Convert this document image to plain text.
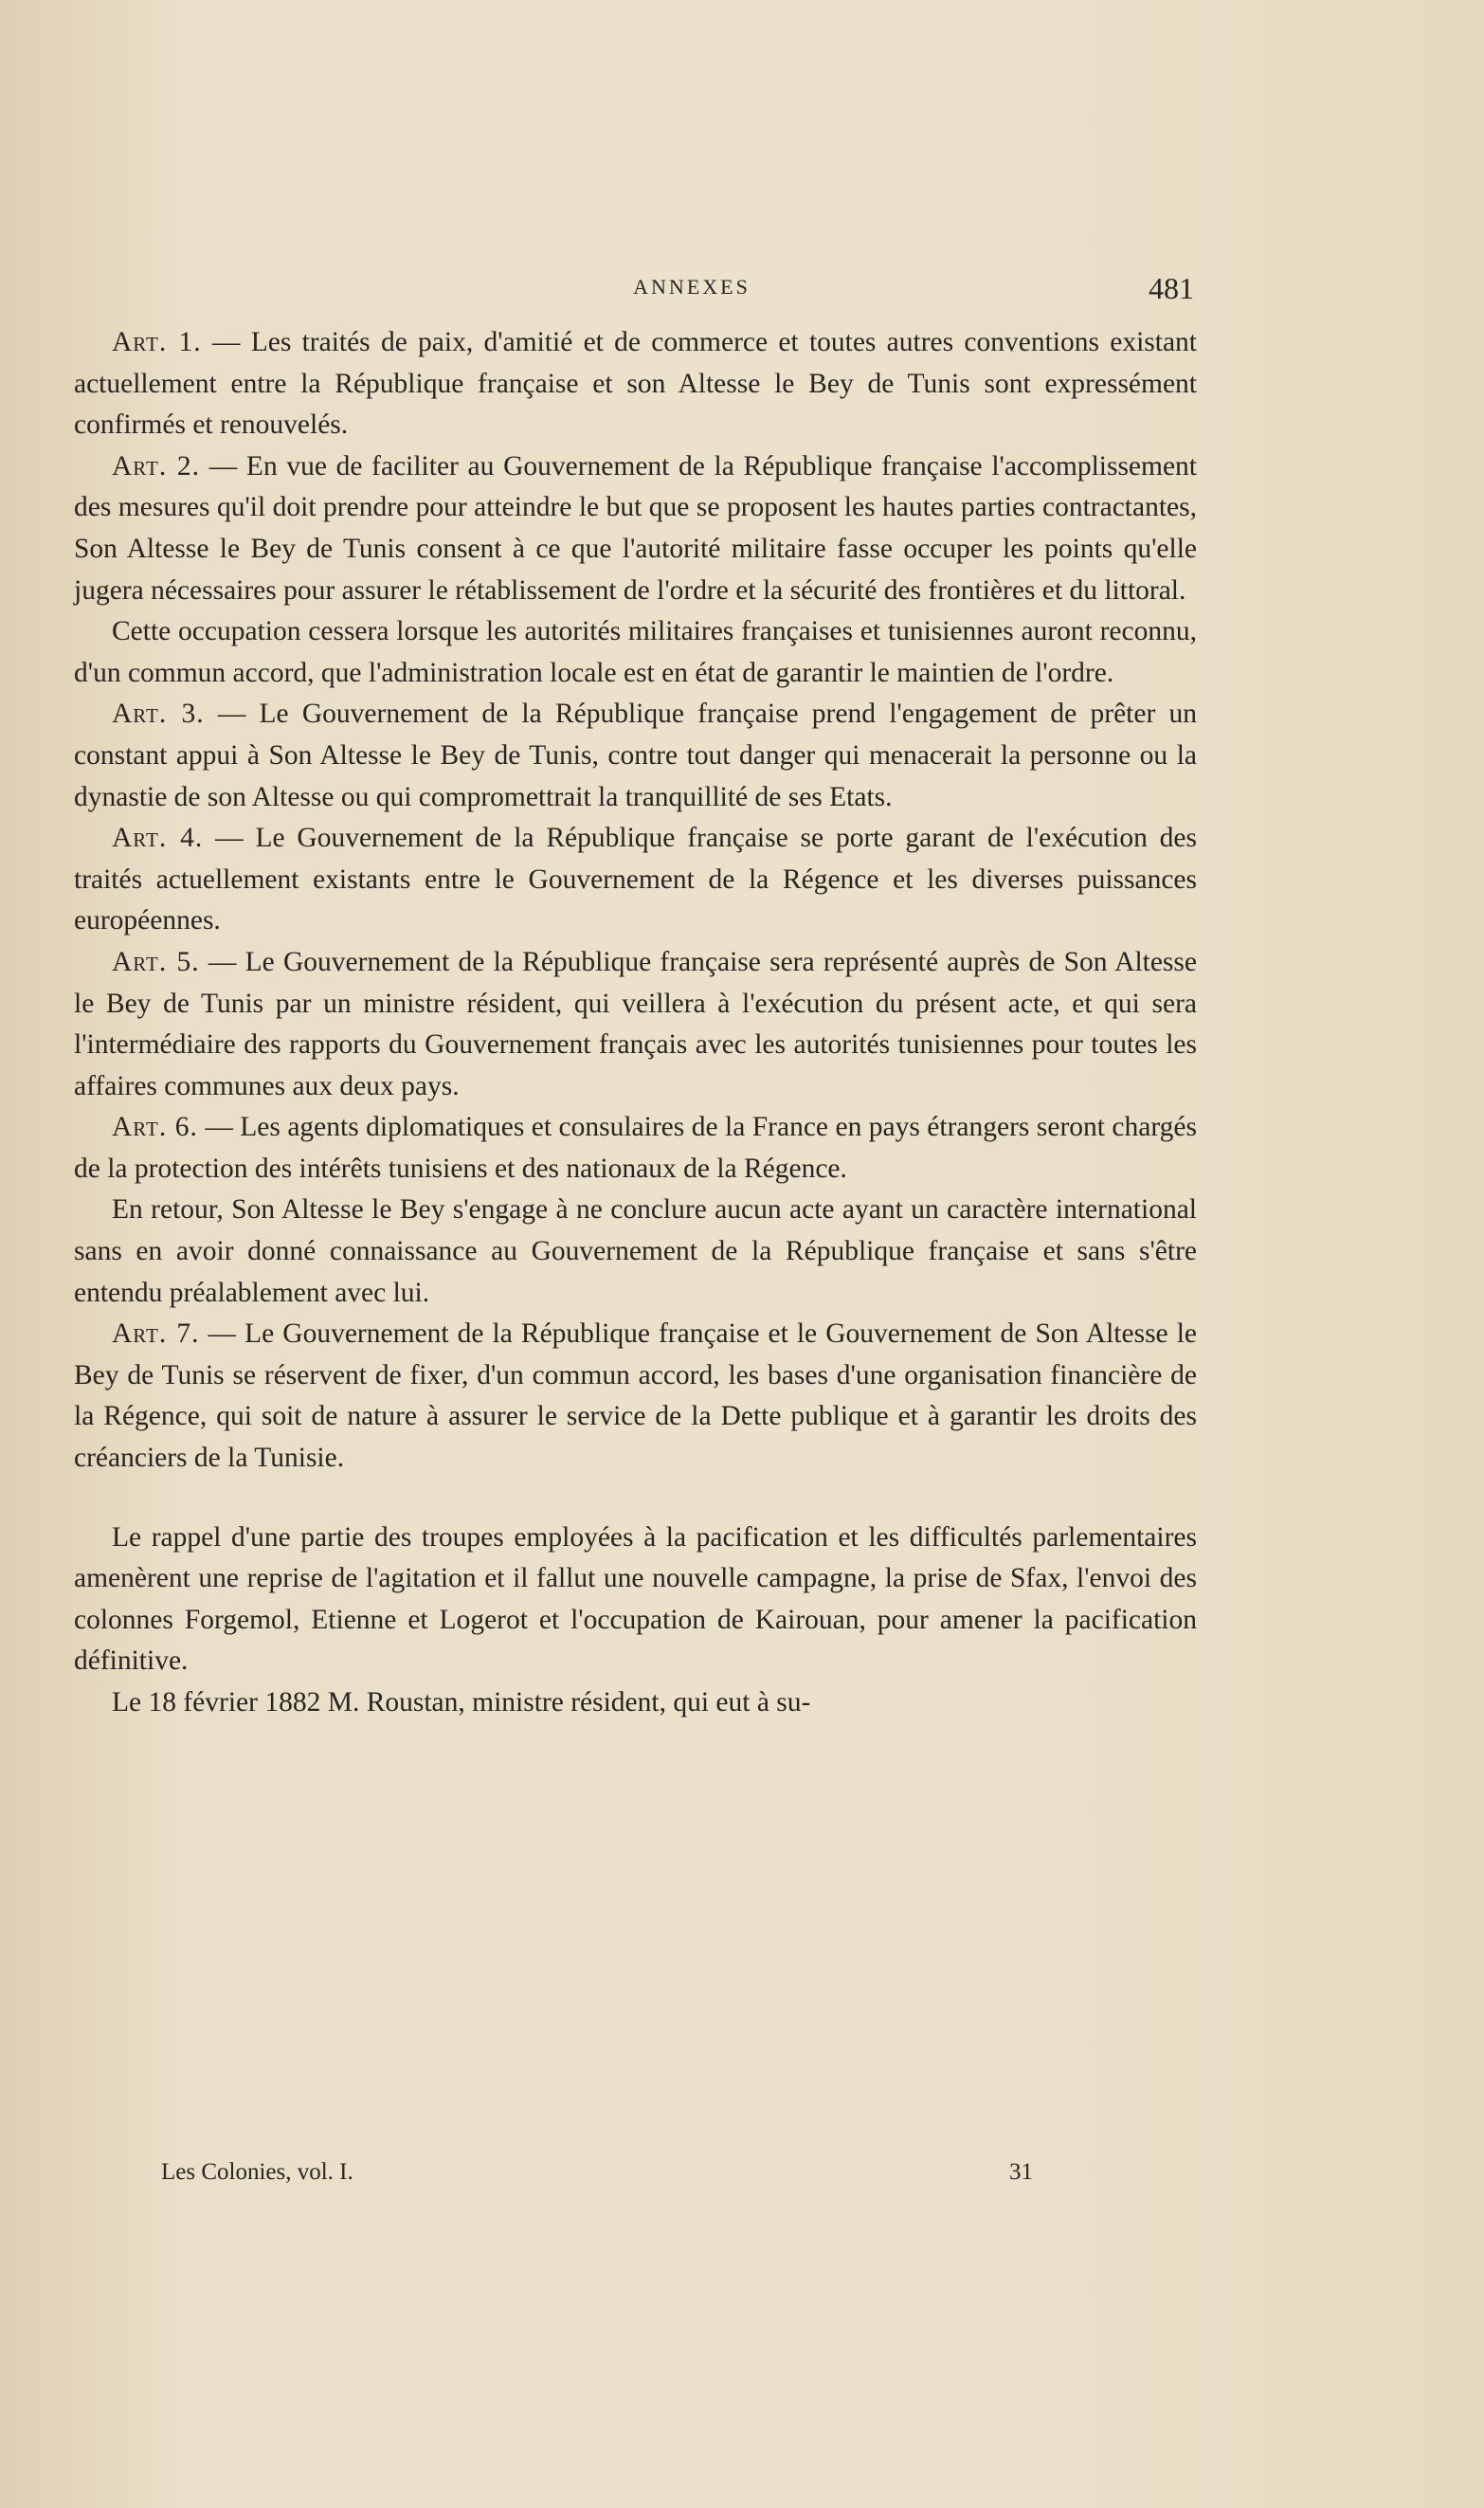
ANNEXES	481

Art. 1. — Les traités de paix, d'amitié et de commerce et toutes autres conventions existant actuellement entre la République française et son Altesse le Bey de Tunis sont expressément confirmés et renouvelés.

Art. 2. — En vue de faciliter au Gouvernement de la République française l'accomplissement des mesures qu'il doit prendre pour atteindre le but que se proposent les hautes parties contractantes, Son Altesse le Bey de Tunis consent à ce que l'autorité militaire fasse occuper les points qu'elle jugera nécessaires pour assurer le rétablissement de l'ordre et la sécurité des frontières et du littoral.

Cette occupation cessera lorsque les autorités militaires françaises et tunisiennes auront reconnu, d'un commun accord, que l'administration locale est en état de garantir le maintien de l'ordre.

Art. 3. — Le Gouvernement de la République française prend l'engagement de prêter un constant appui à Son Altesse le Bey de Tunis, contre tout danger qui menacerait la personne ou la dynastie de son Altesse ou qui compromettrait la tranquillité de ses Etats.

Art. 4. — Le Gouvernement de la République française se porte garant de l'exécution des traités actuellement existants entre le Gouvernement de la Régence et les diverses puissances européennes.

Art. 5. — Le Gouvernement de la République française sera représenté auprès de Son Altesse le Bey de Tunis par un ministre résident, qui veillera à l'exécution du présent acte, et qui sera l'intermédiaire des rapports du Gouvernement français avec les autorités tunisiennes pour toutes les affaires communes aux deux pays.

Art. 6. — Les agents diplomatiques et consulaires de la France en pays étrangers seront chargés de la protection des intérêts tunisiens et des nationaux de la Régence.

En retour, Son Altesse le Bey s'engage à ne conclure aucun acte ayant un caractère international sans en avoir donné connaissance au Gouvernement de la République française et sans s'être entendu préalablement avec lui.

Art. 7. — Le Gouvernement de la République française et le Gouvernement de Son Altesse le Bey de Tunis se réservent de fixer, d'un commun accord, les bases d'une organisation financière de la Régence, qui soit de nature à assurer le service de la Dette publique et à garantir les droits des créanciers de la Tunisie.

Le rappel d'une partie des troupes employées à la pacification et les difficultés parlementaires amenèrent une reprise de l'agitation et il fallut une nouvelle campagne, la prise de Sfax, l'envoi des colonnes Forgemol, Etienne et Logerot et l'occupation de Kairouan, pour amener la pacification définitive.

Le 18 février 1882 M. Roustan, ministre résident, qui eut à su-

Les Colonies, vol. I.	31
